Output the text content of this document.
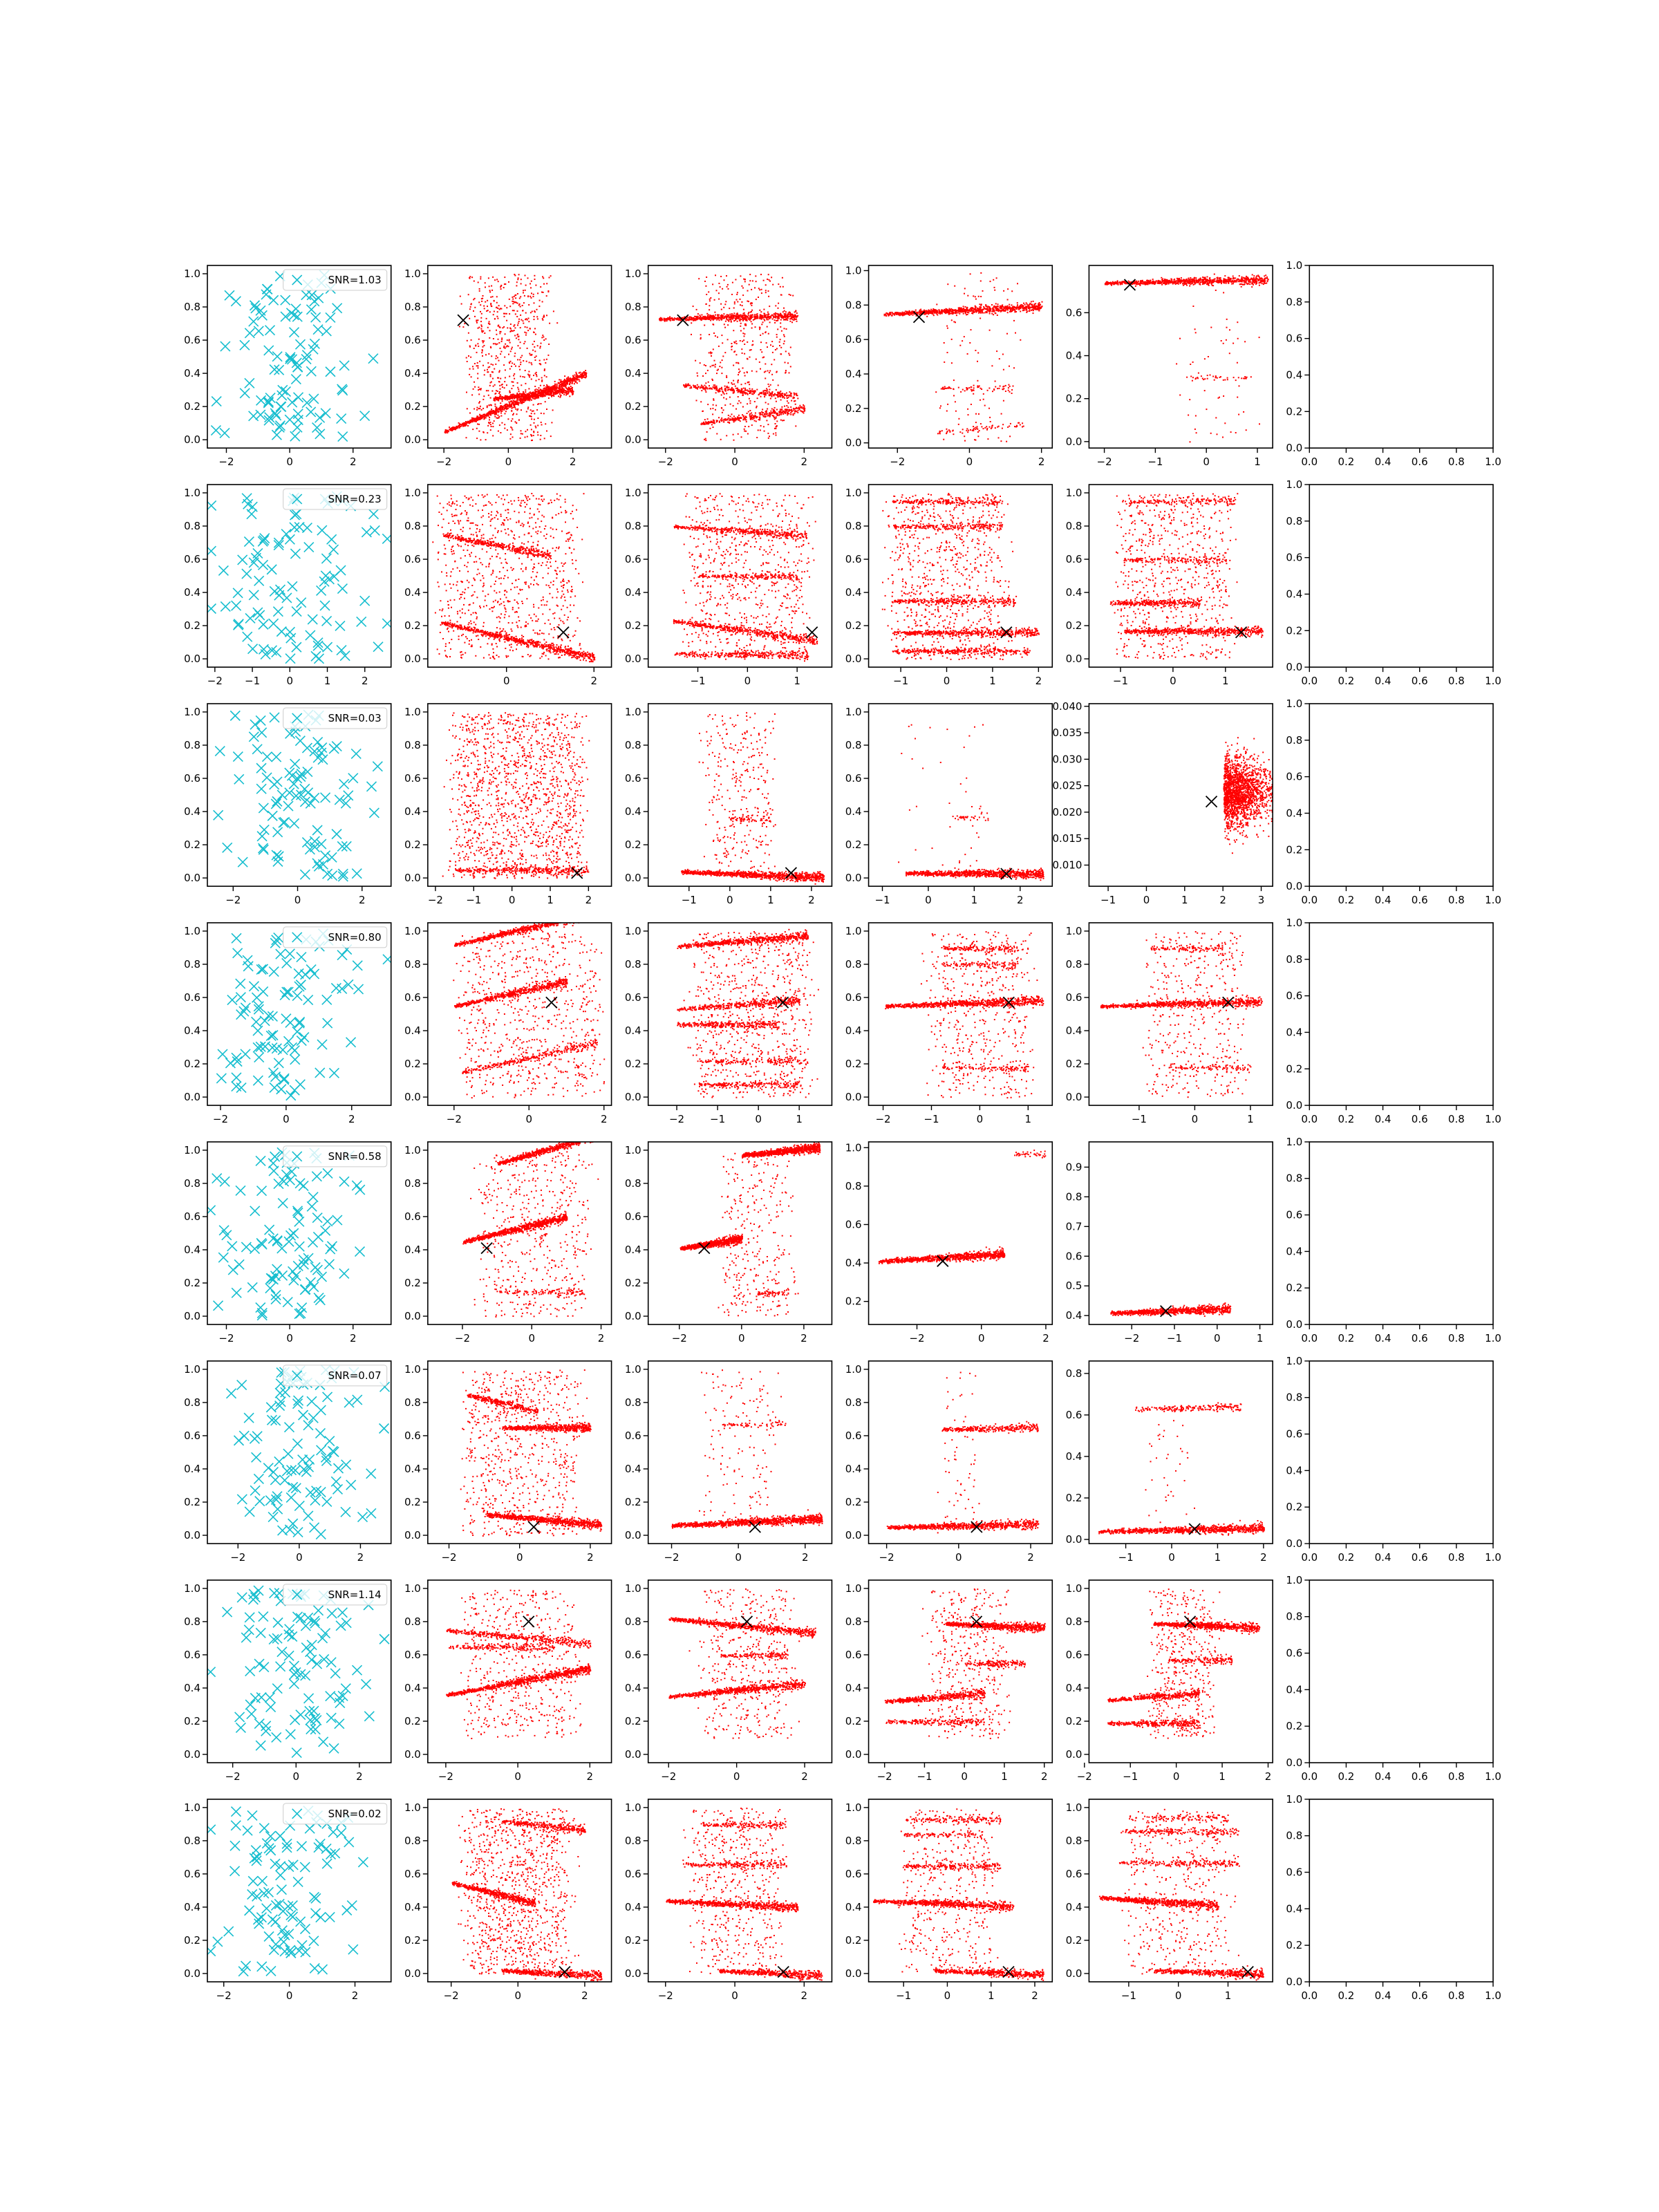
−2	0	2
0.0
0.2
0.4
0.6
0.8
1.0	SNR=1.03
−2	0	2
0.0
0.2
0.4
0.6
0.8
1.0
−2	0	2
0.0
0.2
0.4
0.6
0.8
1.0
−2	0	2
0.0
0.2
0.4
0.6
0.8
1.0
−2	−1	0	1
0.0
0.2
0.4
0.6
0.0 0.2 0.4 0.6 0.8 1.0
0.0
0.2
0.4
0.6
0.8
1.0
−2 −1	0	1	2
0.0
0.2
0.4
0.6
0.8
1.0	SNR=0.23
0	2
0.0
0.2
0.4
0.6
0.8
1.0
−1	0	1
0.0
0.2
0.4
0.6
0.8
1.0
−1	0	1	2
0.0
0.2
0.4
0.6
0.8
1.0
−1	0	1
0.0
0.2
0.4
0.6
0.8
1.0
0.0 0.2 0.4 0.6 0.8 1.0
0.0
0.2
0.4
0.6
0.8
1.0
−2	0	2
0.0
0.2
0.4
0.6
0.8
1.0	SNR=0.03
−2 −1	0	1	2
0.0
0.2
0.4
0.6
0.8
1.0
−1	0	1	2
0.0
0.2
0.4
0.6
0.8
1.0
−1	0	1	2
0.0
0.2
0.4
0.6
0.8
1.0
−1	0	1	2	3
0.010
0.015
0.020
0.025
0.030
0.035
0.040
0.0 0.2 0.4 0.6 0.8 1.0
0.0
0.2
0.4
0.6
0.8
1.0
−2	0	2
0.0
0.2
0.4
0.6
0.8
1.0	SNR=0.80
−2	0	2
0.0
0.2
0.4
0.6
0.8
1.0
−2 −1	0	1
0.0
0.2
0.4
0.6
0.8
1.0
−2	−1	0	1
0.0
0.2
0.4
0.6
0.8
1.0
−1	0	1
0.0
0.2
0.4
0.6
0.8
1.0
0.0 0.2 0.4 0.6 0.8 1.0
0.0
0.2
0.4
0.6
0.8
1.0
−2	0	2
0.0
0.2
0.4
0.6
0.8
1.0	SNR=0.58
−2	0	2
0.0
0.2
0.4
0.6
0.8
1.0
−2	0	2
0.0
0.2
0.4
0.6
0.8
1.0
−2	0	2
0.2
0.4
0.6
0.8
1.0
−2	−1	0	1
0.4
0.5
0.6
0.7
0.8
0.9
0.0 0.2 0.4 0.6 0.8 1.0
0.0
0.2
0.4
0.6
0.8
1.0
−2	0	2
0.0
0.2
0.4
0.6
0.8
1.0	SNR=0.07
−2	0	2
0.0
0.2
0.4
0.6
0.8
1.0
−2	0	2
0.0
0.2
0.4
0.6
0.8
1.0
−2	0	2
0.0
0.2
0.4
0.6
0.8
1.0
−1	0	1	2
0.0
0.2
0.4
0.6
0.8
0.0 0.2 0.4 0.6 0.8 1.0
0.0
0.2
0.4
0.6
0.8
1.0
−2	0	2
0.0
0.2
0.4
0.6
0.8
1.0	SNR=1.14
−2	0	2
0.0
0.2
0.4
0.6
0.8
1.0
−2	0	2
0.0
0.2
0.4
0.6
0.8
1.0
−2 −1	0	1	2
0.0
0.2
0.4
0.6
0.8
1.0
−2	−1	0	1	2
0.0
0.2
0.4
0.6
0.8
1.0
0.0 0.2 0.4 0.6 0.8 1.0
0.0
0.2
0.4
0.6
0.8
1.0
−2	0	2
0.0
0.2
0.4
0.6
0.8
1.0	SNR=0.02
−2	0	2
0.0
0.2
0.4
0.6
0.8
1.0
−2	0	2
0.0
0.2
0.4
0.6
0.8
1.0
−1	0	1	2
0.0
0.2
0.4
0.6
0.8
1.0
−1	0	1
0.0
0.2
0.4
0.6
0.8
1.0
0.0 0.2 0.4 0.6 0.8 1.0
0.0
0.2
0.4
0.6
0.8
1.0
